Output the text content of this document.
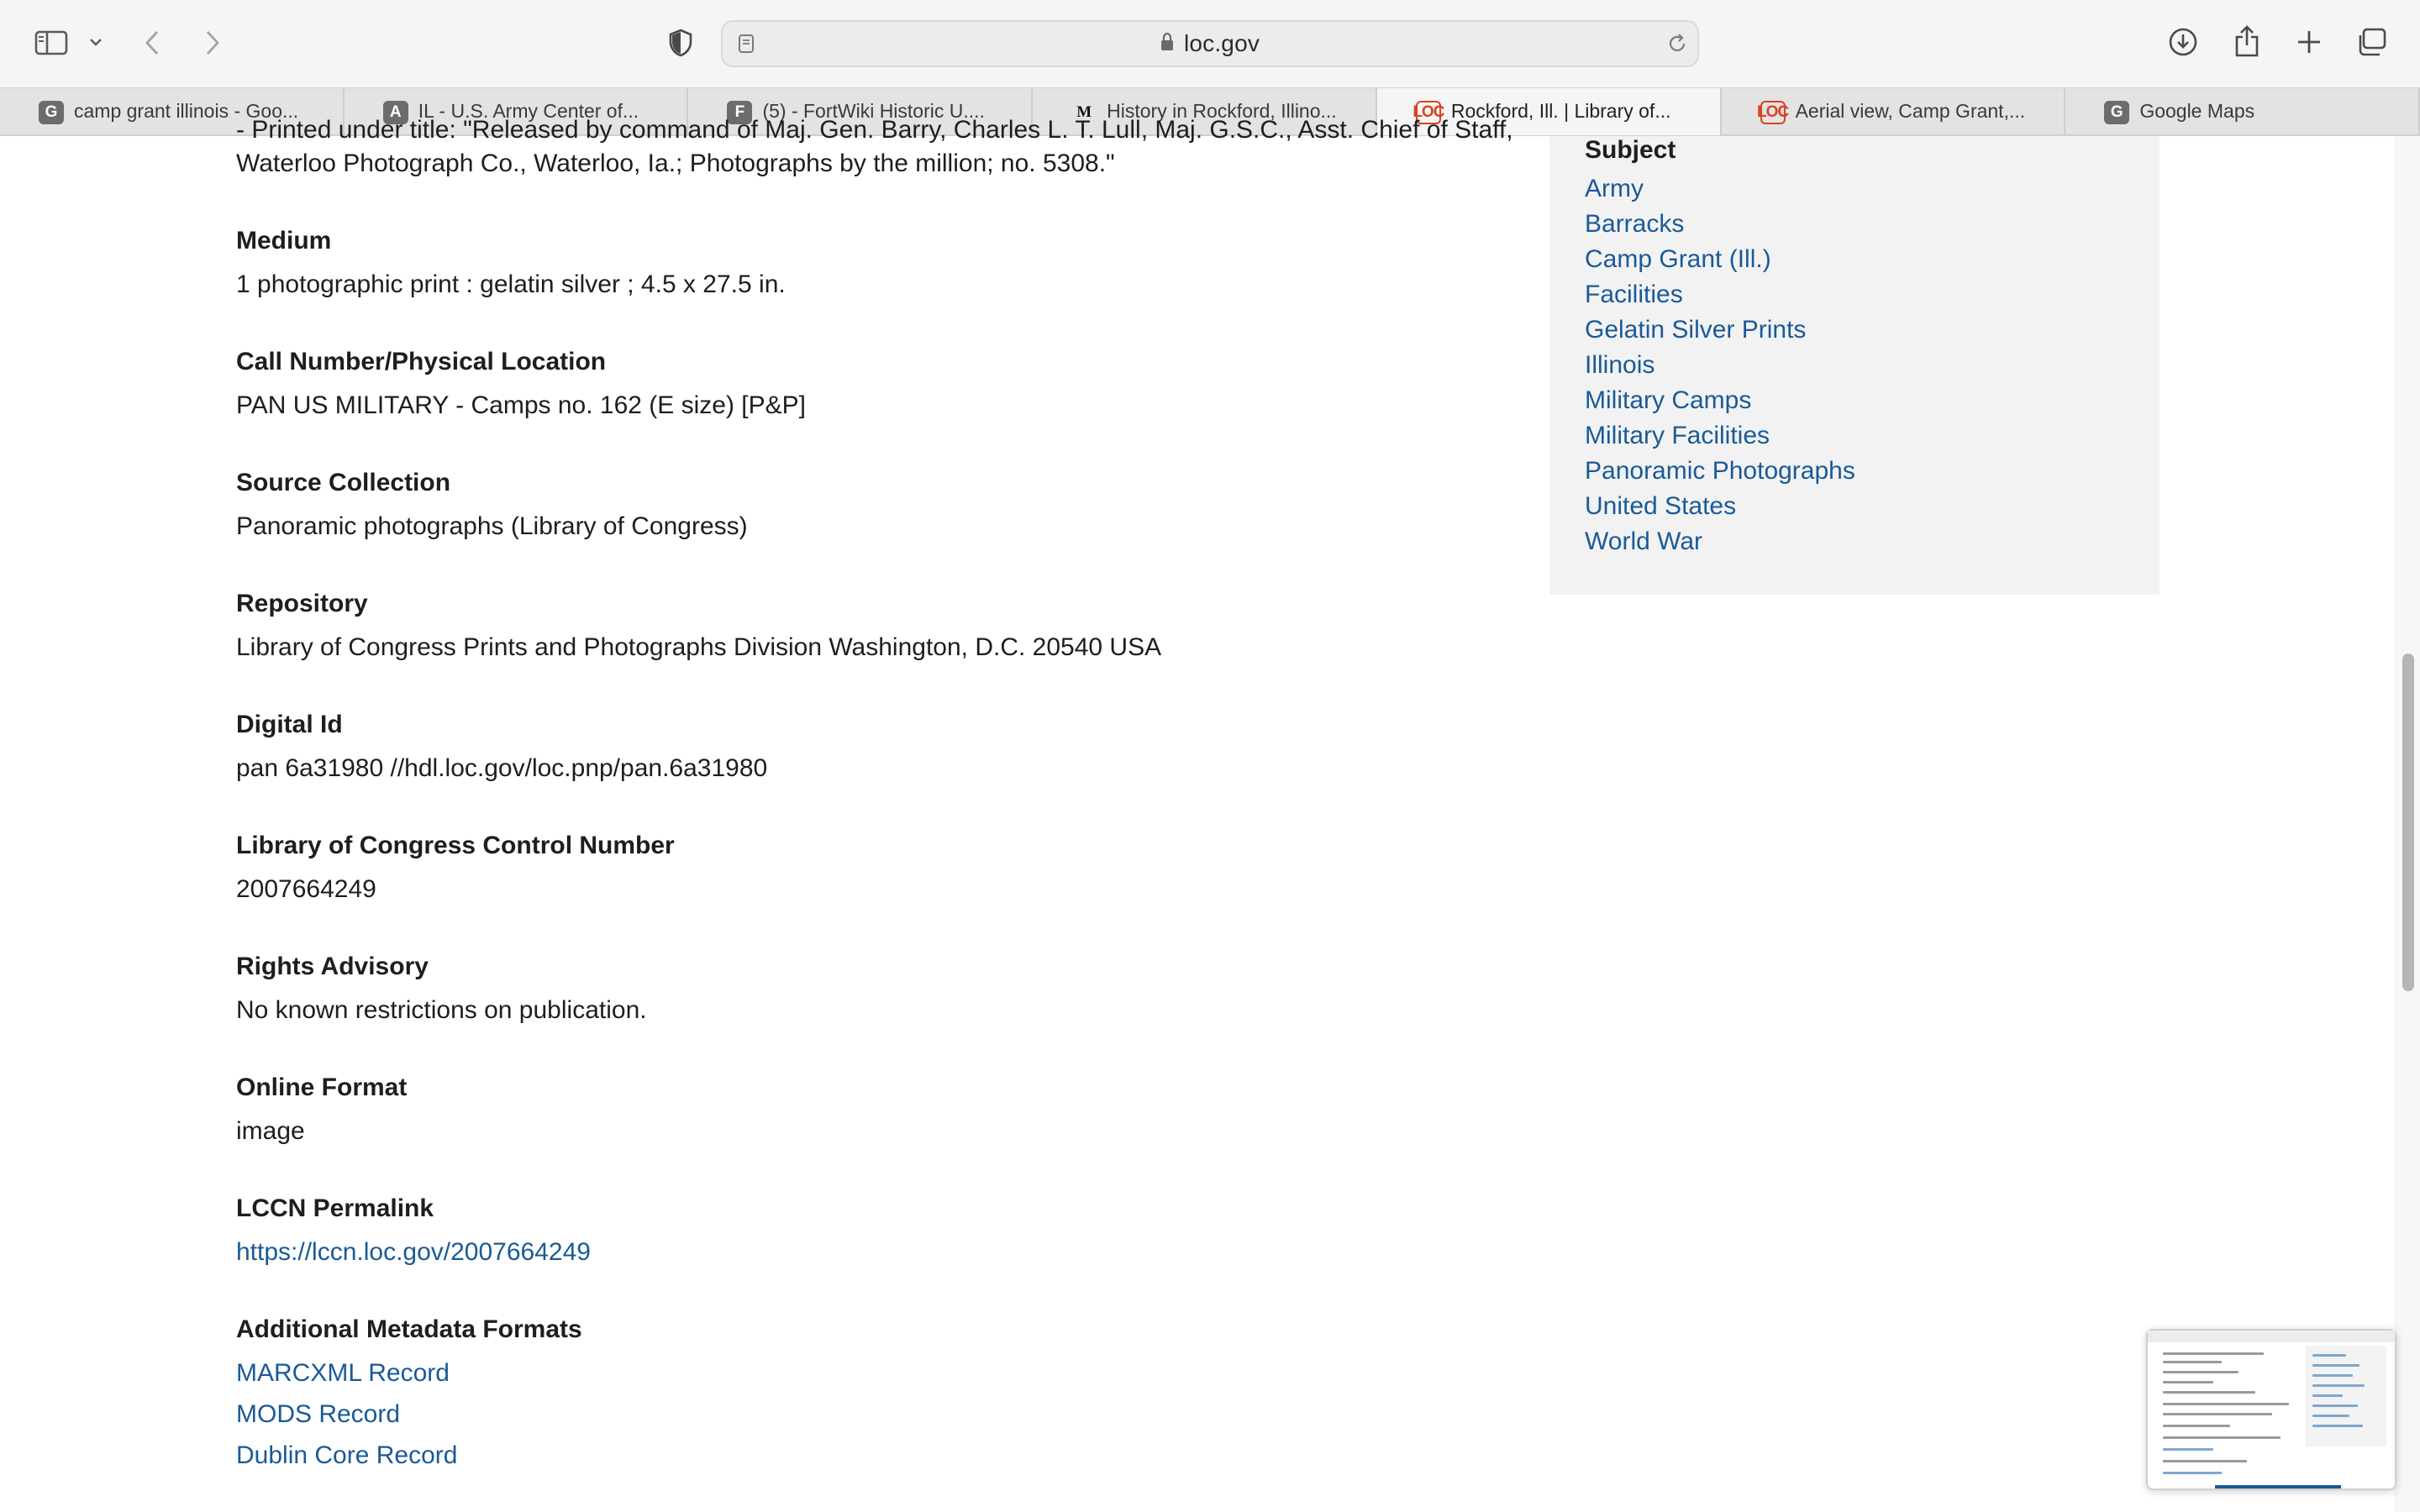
loc.gov
G camp grant illinois - Goo...	A IL - U.S. Army Center of...	F (5) - FortWiki Historic U....	M History in Rockford, Illino...	LOC Rockford, Ill. | Library of...	LOC Aerial view, Camp Grant,...	G Google Maps
- Printed under title: "Released by command of Maj. Gen. Barry, Charles L. T. Lull, Maj. G.S.C., Asst. Chief of Staff,
Waterloo Photograph Co., Waterloo, Ia.; Photographs by the million; no. 5308."
Medium
1 photographic print : gelatin silver ; 4.5 x 27.5 in.
Call Number/Physical Location
PAN US MILITARY - Camps no. 162 (E size) [P&P]
Source Collection
Panoramic photographs (Library of Congress)
Repository
Library of Congress Prints and Photographs Division Washington, D.C. 20540 USA
Digital Id
pan 6a31980 //hdl.loc.gov/loc.pnp/pan.6a31980
Library of Congress Control Number
2007664249
Rights Advisory
No known restrictions on publication.
Online Format
image
LCCN Permalink
https://lccn.loc.gov/2007664249
Additional Metadata Formats
MARCXML Record
MODS Record
Dublin Core Record
Subject
Army
Barracks
Camp Grant (Ill.)
Facilities
Gelatin Silver Prints
Illinois
Military Camps
Military Facilities
Panoramic Photographs
United States
World War
